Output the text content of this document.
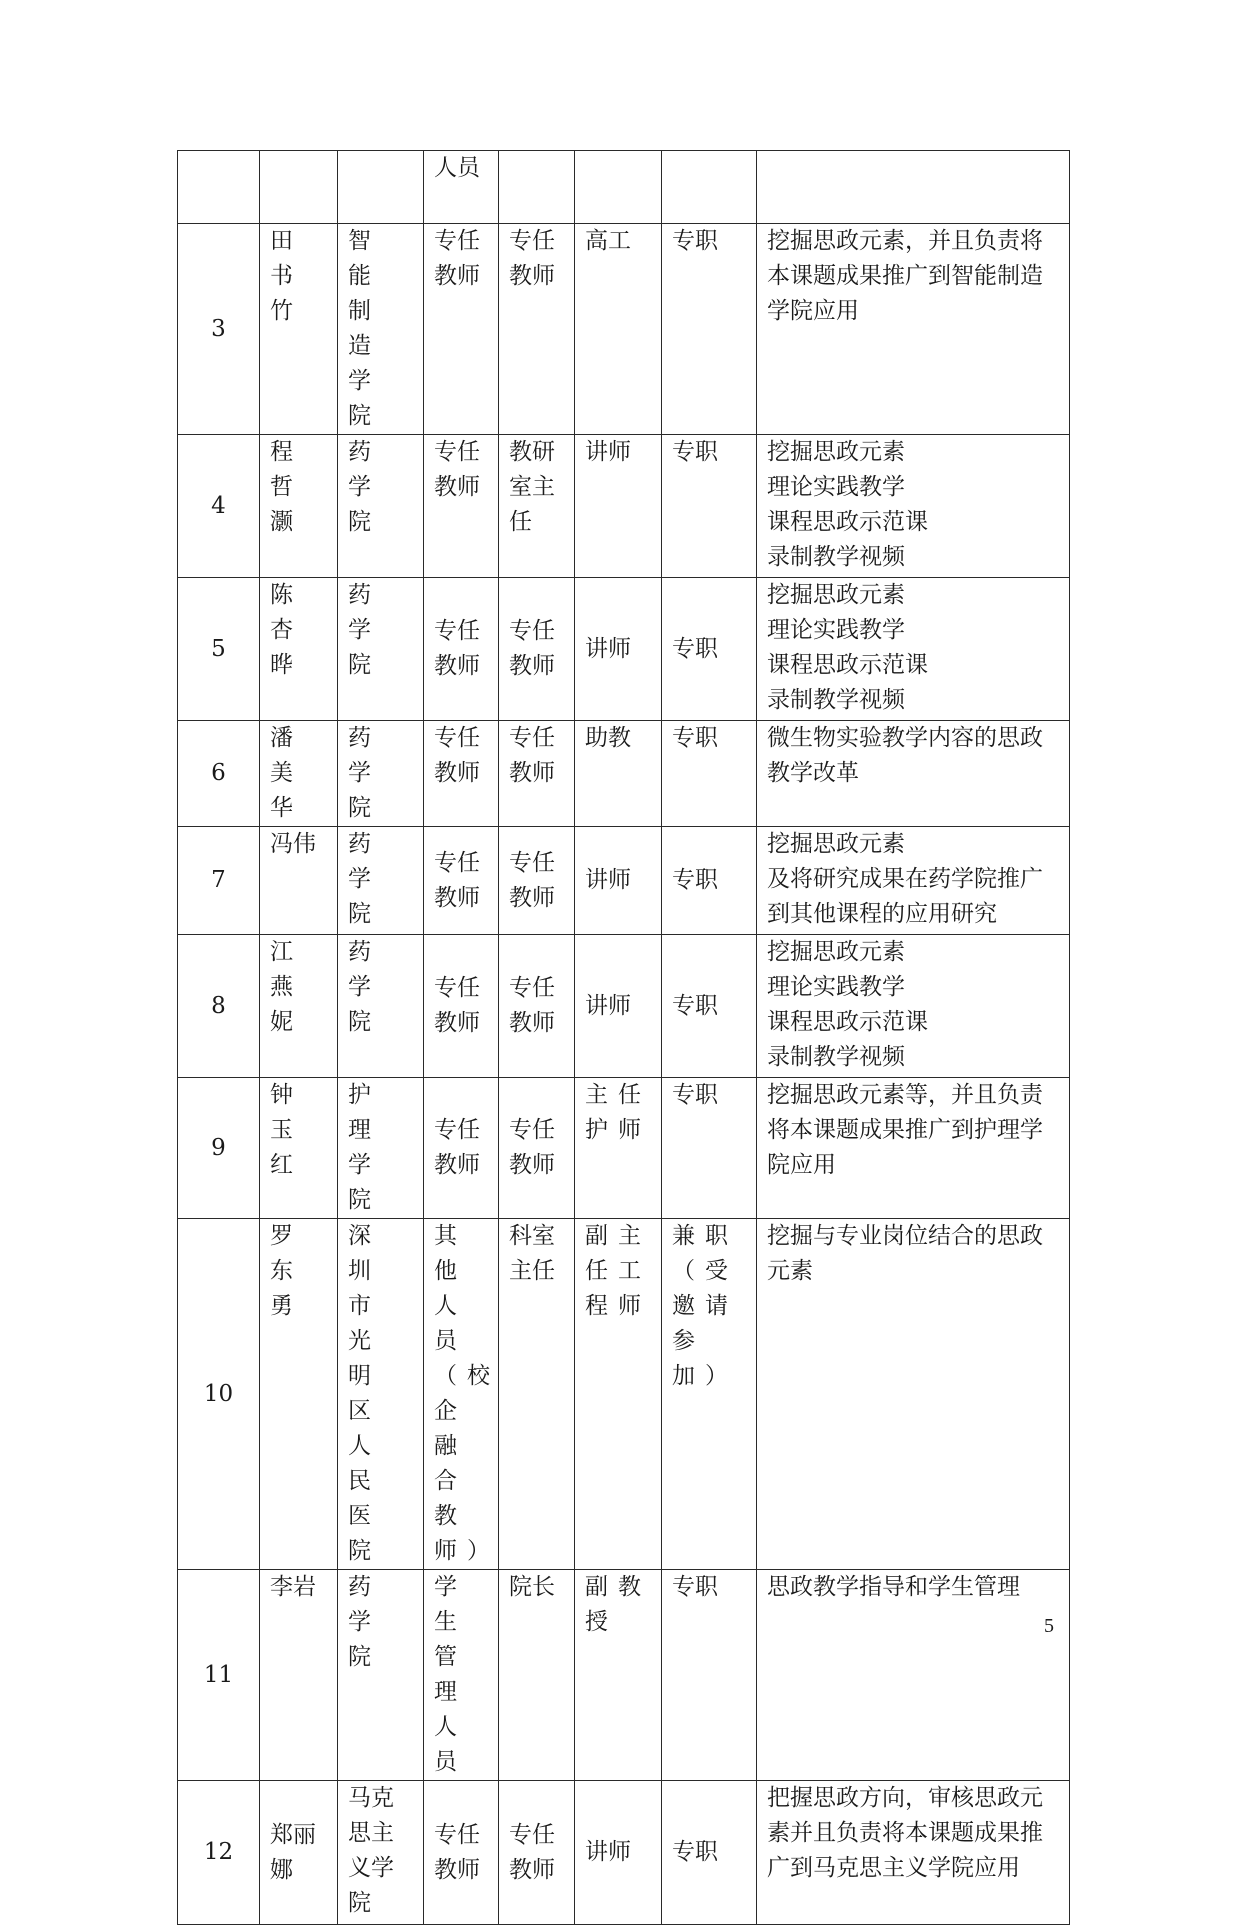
			人员				
3	田书竹	智能制造学院	专任教师	专任教师	高工	专职	挖掘思政元素，并且负责将本课题成果推广到智能制造学院应用
4	程哲灏	药学院	专任教师	教研室主任	讲师	专职	挖掘思政元素
理论实践教学
课程思政示范课
录制教学视频
5	陈杏晔	药学院	专任教师	专任教师	讲师	专职	挖掘思政元素
理论实践教学
课程思政示范课
录制教学视频
6	潘美华	药学院	专任教师	专任教师	助教	专职	微生物实验教学内容的思政教学改革
7	冯伟	药学院	专任教师	专任教师	讲师	专职	挖掘思政元素
及将研究成果在药学院推广到其他课程的应用研究
8	江燕妮	药学院	专任教师	专任教师	讲师	专职	挖掘思政元素
理论实践教学
课程思政示范课
录制教学视频
9	钟玉红	护理学院	专任教师	专任教师	主任护师	专职	挖掘思政元素等，并且负责将本课题成果推广到护理学院应用
10	罗东勇	深圳市光明区人民医院	其他人员（校企融合教师）	科室主任	副主任工程师	兼职（受邀请参加）	挖掘与专业岗位结合的思政元素
11	李岩	药学院	学生管理人员	院长	副教授	专职	思政教学指导和学生管理
12	郑丽娜	马克思主义学院	专任教师	专任教师	讲师	专职	把握思政方向，审核思政元素并且负责将本课题成果推广到马克思主义学院应用
5
